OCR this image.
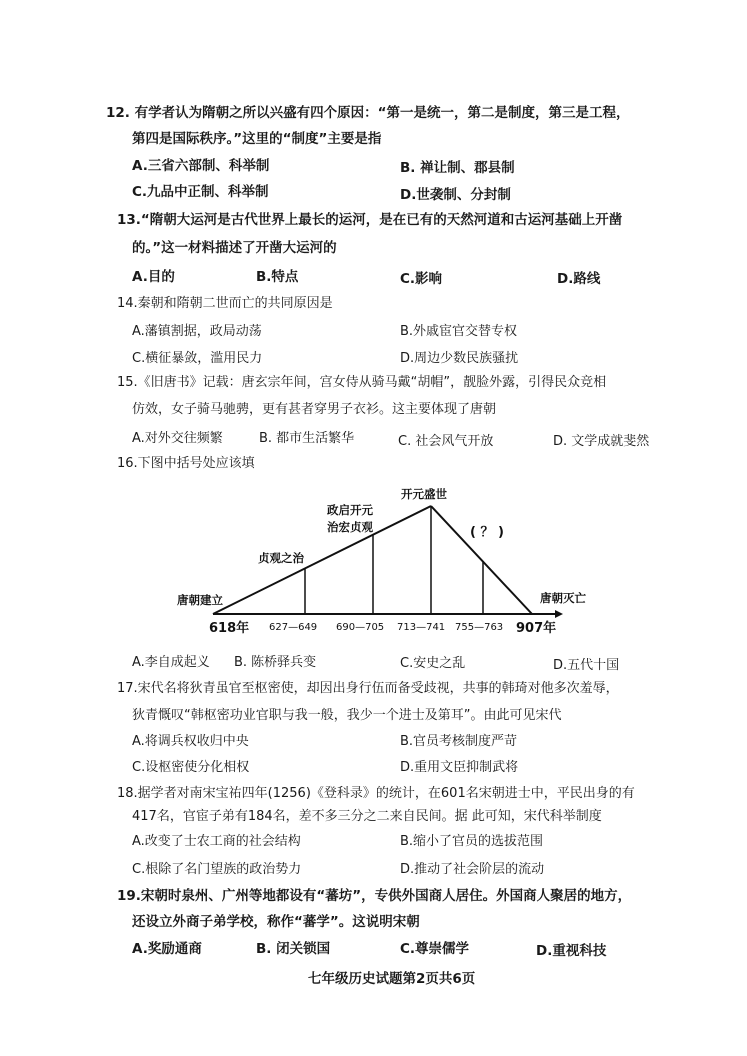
12. 有学者认为隋朝之所以兴盛有四个原因：“第一是统一，第二是制度，第三是工程，
第四是国际秩序。”这里的“制度”主要是指
A.三省六部制、科举制	B. 禅让制、郡县制
C.九品中正制、科举制	D.世袭制、分封制
13.“隋朝大运河是古代世界上最长的运河，是在已有的天然河道和古运河基础上开凿
的。”这一材料描述了开凿大运河的
A.目的	B.特点	C.影响	D.路线
14.秦朝和隋朝二世而亡的共同原因是
A.藩镇割据，政局动荡	B.外戚宦官交替专权
C.横征暴敛，滥用民力	D.周边少数民族骚扰
15.《旧唐书》记载：唐玄宗年间，宫女侍从骑马戴“胡帽”，靓脸外露，引得民众竞相
仿效，女子骑马驰骋，更有甚者穿男子衣衫。这主要体现了唐朝
A.对外交往频繁	B. 都市生活繁华	C. 社会风气开放	D. 文学成就斐然
16.下图中括号处应该填
开元盛世
政启开元
治宏贞观
贞观之治
( ？ )
唐朝建立	唐朝灭亡
618年 627—649 690—705 713—741 755—763 907年
A.李自成起义 B. 陈桥驿兵变	C.安史之乱	D.五代十国
17.宋代名将狄青虽官至枢密使，却因出身行伍而备受歧视，共事的韩琦对他多次羞辱，
狄青慨叹“韩枢密功业官职与我一般，我少一个进士及第耳”。由此可见宋代
A.将调兵权收归中央	B.官员考核制度严苛
C.设枢密使分化相权	D.重用文臣抑制武将
18.据学者对南宋宝祐四年(1256)《登科录》的统计，在601名宋朝进士中，平民出身的有
417名，官宦子弟有184名，差不多三分之二来自民间。据 此可知，宋代科举制度
A.改变了士农工商的社会结构	B.缩小了官员的选拔范围
C.根除了名门望族的政治势力	D.推动了社会阶层的流动
19.宋朝时泉州、广州等地都设有“蕃坊”，专供外国商人居住。外国商人聚居的地方，
还设立外商子弟学校，称作“蕃学”。这说明宋朝
A.奖励通商	B. 闭关锁国	C.尊崇儒学	D.重视科技
七年级历史试题第2页共6页
